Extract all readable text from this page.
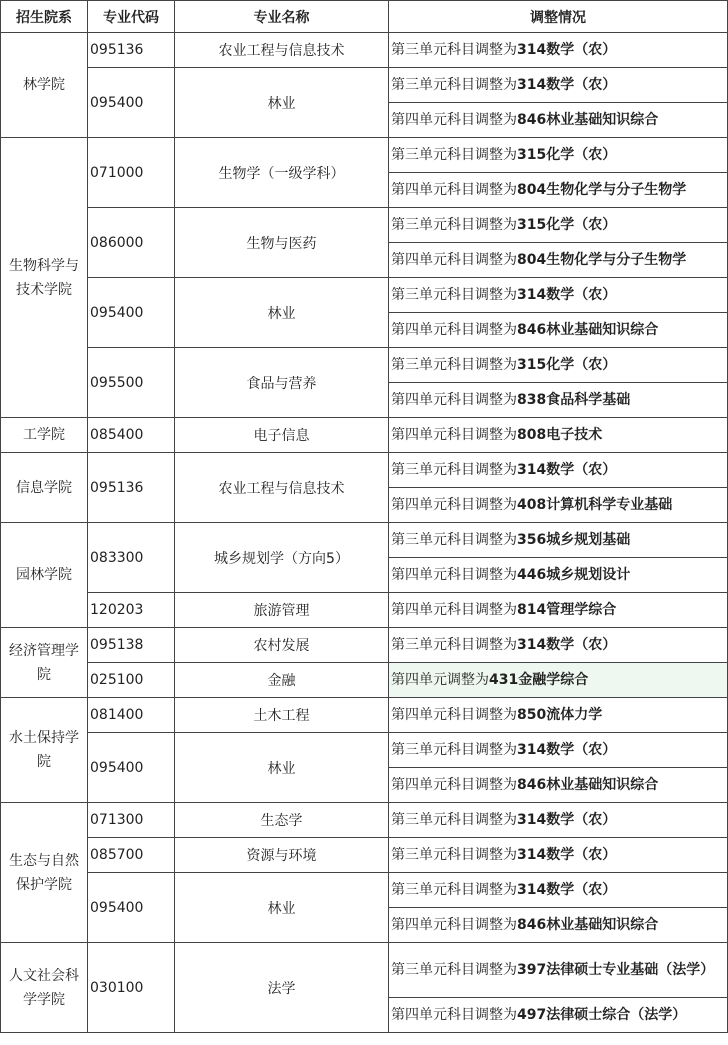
招生院系	专业代码	专业名称	调整情况
林学院	095136	农业工程与信息技术	第三单元科目调整为314数学（农）
	095400	林业	第三单元科目调整为314数学（农）
			第四单元科目调整为846林业基础知识综合
生物科学与技术学院	071000	生物学（一级学科）	第三单元科目调整为315化学（农）
			第四单元科目调整为804生物化学与分子生物学
	086000	生物与医药	第三单元科目调整为315化学（农）
			第四单元科目调整为804生物化学与分子生物学
	095400	林业	第三单元科目调整为314数学（农）
			第四单元科目调整为846林业基础知识综合
	095500	食品与营养	第三单元科目调整为315化学（农）
			第四单元科目调整为838食品科学基础
工学院	085400	电子信息	第四单元科目调整为808电子技术
信息学院	095136	农业工程与信息技术	第三单元科目调整为314数学（农）
			第四单元科目调整为408计算机科学专业基础
园林学院	083300	城乡规划学（方向5）	第三单元科目调整为356城乡规划基础
			第四单元科目调整为446城乡规划设计
	120203	旅游管理	第四单元科目调整为814管理学综合
经济管理学院	095138	农村发展	第三单元科目调整为314数学（农）
	025100	金融	第四单元调整为431金融学综合
水土保持学院	081400	土木工程	第四单元科目调整为850流体力学
	095400	林业	第三单元科目调整为314数学（农）
			第四单元科目调整为846林业基础知识综合
生态与自然保护学院	071300	生态学	第三单元科目调整为314数学（农）
	085700	资源与环境	第三单元科目调整为314数学（农）
	095400	林业	第三单元科目调整为314数学（农）
			第四单元科目调整为846林业基础知识综合
人文社会科学学院	030100	法学	第三单元科目调整为397法律硕士专业基础（法学）
			第四单元科目调整为497法律硕士综合（法学）
